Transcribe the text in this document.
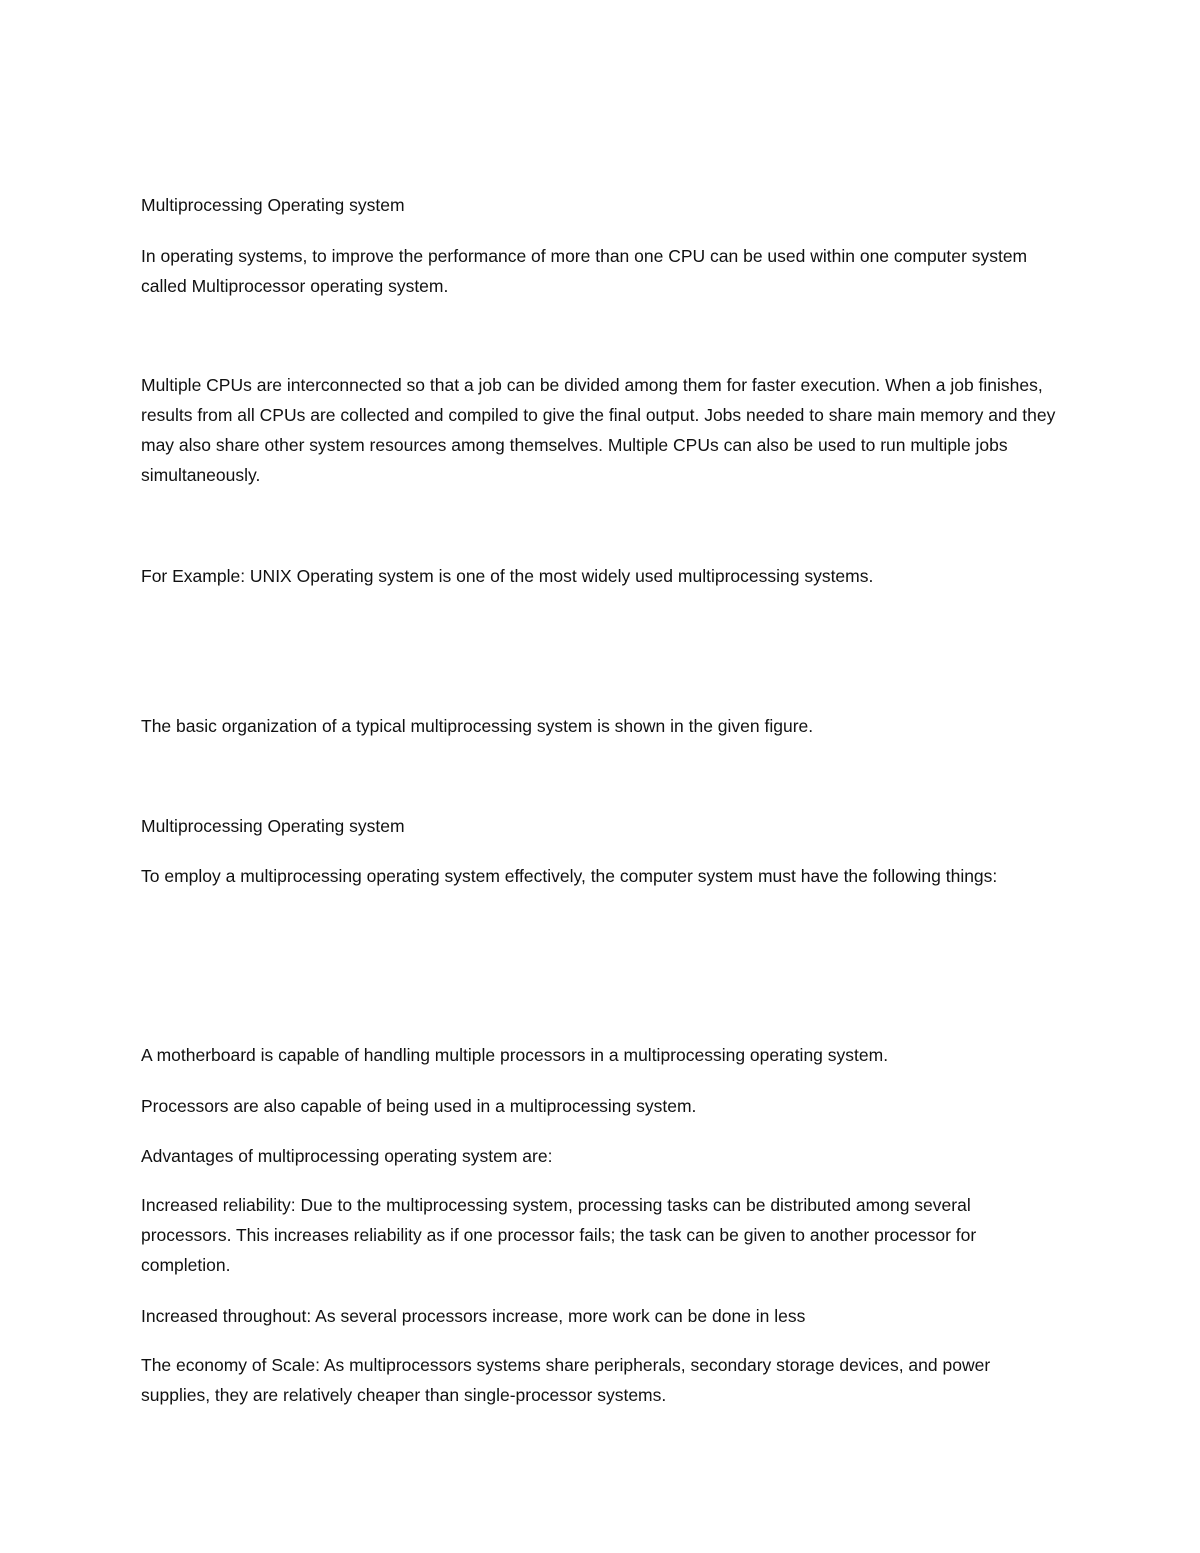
Multiprocessing Operating system

In operating systems, to improve the performance of more than one CPU can be used within one computer system called Multiprocessor operating system.

Multiple CPUs are interconnected so that a job can be divided among them for faster execution. When a job finishes, results from all CPUs are collected and compiled to give the final output. Jobs needed to share main memory and they may also share other system resources among themselves. Multiple CPUs can also be used to run multiple jobs simultaneously.

For Example: UNIX Operating system is one of the most widely used multiprocessing systems.

The basic organization of a typical multiprocessing system is shown in the given figure.

Multiprocessing Operating system

To employ a multiprocessing operating system effectively, the computer system must have the following things:

A motherboard is capable of handling multiple processors in a multiprocessing operating system.

Processors are also capable of being used in a multiprocessing system.

Advantages of multiprocessing operating system are:

Increased reliability: Due to the multiprocessing system, processing tasks can be distributed among several processors. This increases reliability as if one processor fails; the task can be given to another processor for completion.

Increased throughout: As several processors increase, more work can be done in less

The economy of Scale: As multiprocessors systems share peripherals, secondary storage devices, and power supplies, they are relatively cheaper than single-processor systems.
